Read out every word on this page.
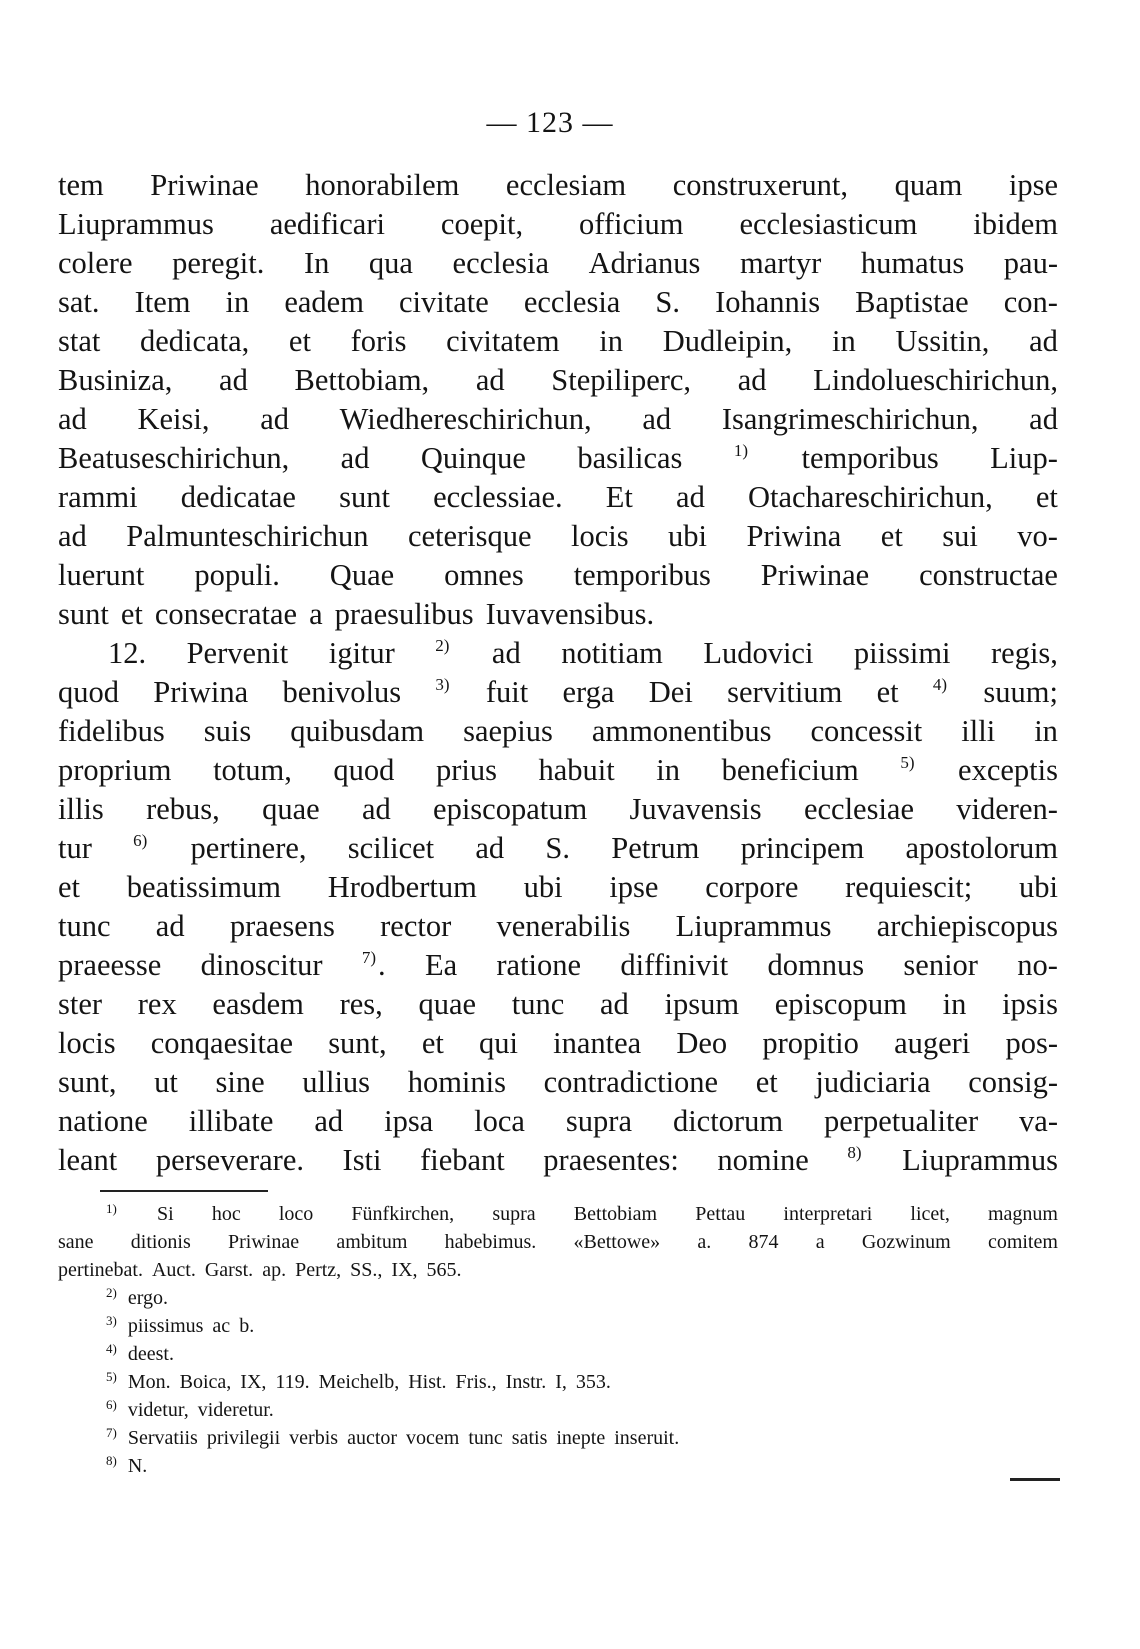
— 123 —
tem Priwinae honorabilem ecclesiam construxerunt, quam ipse
Liuprammus aedificari coepit, officium ecclesiasticum ibidem
colere peregit. In qua ecclesia Adrianus martyr humatus pau-
sat. Item in eadem civitate ecclesia S. Iohannis Baptistae con-
stat dedicata, et foris civitatem in Dudleipin, in Ussitin, ad
Businiza, ad Bettobiam, ad Stepiliperc, ad Lindolueschirichun,
ad Keisi, ad Wiedhereschirichun, ad Isangrimeschirichun, ad
Beatuseschirichun, ad Quinque basilicas	$^{1)}$ temporibus Liup-
rammi dedicatae sunt ecclessiae. Et ad Otachareschirichun, et
ad Palmunteschirichun ceterisque locis ubi Priwina et sui vo-
luerunt populi. Quae omnes temporibus Priwinae constructae
sunt et consecratae a praesulibus Iuvavensibus.
12. Pervenit igitur $^{2)}$ ad notitiam Ludovici piissimi regis,
quod Priwina benivolus $^{3)}$ fuit erga Dei servitium et $^{4)}$ suum;
fidelibus suis quibusdam saepius ammonentibus concessit illi in
proprium totum, quod prius habuit in beneficium $^{5)}$ exceptis
illis rebus, quae ad episcopatum Juvavensis ecclesiae videren-
tur $^{6)}$ pertinere, scilicet ad S. Petrum principem apostolorum
et beatissimum Hrodbertum ubi ipse corpore requiescit; ubi
tunc ad praesens rector venerabilis Liuprammus archiepiscopus
praeesse dinoscitur $^{7)}$. Ea ratione diffinivit domnus senior no-
ster rex easdem res, quae tunc ad ipsum episcopum in ipsis
locis conqaesitae sunt, et qui inantea Deo propitio augeri pos-
sunt, ut sine ullius hominis contradictione et judiciaria consig-
natione illibate ad ipsa loca supra dictorum perpetualiter va-
leant perseverare. Isti fiebant praesentes: nomine $^{8)}$ Liuprammus
$^{1)}$ Si hoc loco Fünfkirchen, supra Bettobiam Pettau interpretari licet, magnum
sane ditionis Priwinae ambitum habebimus. «Bettowe» a. 874 a Gozwinum comitem
pertinebat. Auct. Garst. ap. Pertz, SS., IX, 565.
$^{2)}$ ergo.
$^{3)}$ piissimus ac b.
$^{4)}$ deest.
$^{5)}$ Mon. Boica, IX, 119. Meichelb, Hist. Fris., Instr. I, 353.
$^{6)}$ videtur, videretur.
$^{7)}$ Servatiis privilegii verbis auctor vocem tunc satis inepte inseruit.
$^{8)}$ N.
